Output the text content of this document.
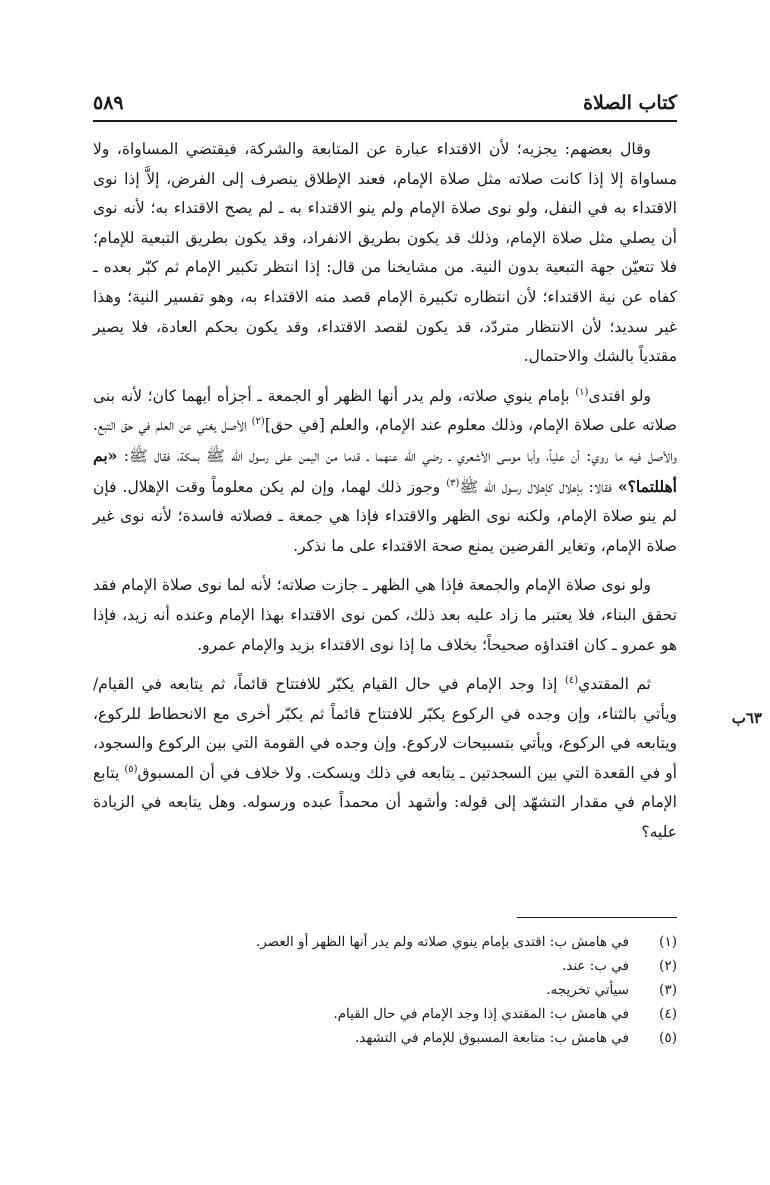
كتاب الصلاة
٥٨٩
٦٣ب

وقال بعضهم: يجزيه؛ لأن الاقتداء عبارة عن المتابعة والشركة، فيقتضي المساواة، ولا مساواة إلا إذا كانت صلاته مثل صلاة الإمام، فعند الإطلاق ينصرف إلى الفرض، إلاَّ إذا نوى الاقتداء به في النفل، ولو نوى صلاة الإمام ولم ينو الاقتداء به ـ لم يصح الاقتداء به؛ لأنه نوى أن يصلي مثل صلاة الإمام، وذلك قد يكون بطريق الانفراد، وقد يكون بطريق التبعية للإمام؛ فلا تتعيّن جهة التبعية بدون النية. من مشايخنا من قال: إذا انتظر تكبير الإمام ثم كبّر بعده ـ كفاه عن نية الاقتداء؛ لأن انتظاره تكبيرة الإمام قصد منه الاقتداء به، وهو تفسير النية؛ وهذا غير سديد؛ لأن الانتظار متردّد، قد يكون لقصد الاقتداء، وقد يكون بحكم العادة، فلا يصير مقتدياً بالشك والاحتمال.

ولو اقتدى$^{(١)}$ بإمام ينوي صلاته، ولم يدر أنها الظهر أو الجمعة ـ أجزأه أيهما كان؛ لأنه بنى صلاته على صلاة الإمام، وذلك معلوم عند الإمام، والعلم [في حق]$^{(٢)}$ الأصل يغني عن العلم في حق التبع. والأصل فيه ما روي: أن علياً، وأبا موسى الأشعري ـ رضي الله عنهما ـ قدما من اليمن على رسول الله ﷺ بمكة، فقال ﷺ: «بم أهللتما؟» فقالا: بإهلال كإهلال رسول الله ﷺ$^{(٣)}$ وجوز ذلك لهما، وإن لم يكن معلوماً وقت الإهلال. فإن لم ينو صلاة الإمام، ولكنه نوى الظهر والاقتداء فإذا هي جمعة ـ فصلاته فاسدة؛ لأنه نوى غير صلاة الإمام، وتغاير الفرضين يمنع صحة الاقتداء على ما نذكر.

ولو نوى صلاة الإمام والجمعة فإذا هي الظهر ـ جازت صلاته؛ لأنه لما نوى صلاة الإمام فقد تحقق البناء، فلا يعتبر ما زاد عليه بعد ذلك، كمن نوى الاقتداء بهذا الإمام وعنده أنه زيد، فإذا هو عمرو ـ كان اقتداؤه صحيحاً؛ بخلاف ما إذا نوى الاقتداء بزيد والإمام عمرو.

ثم المقتدي$^{(٤)}$ إذا وجد الإمام في حال القيام يكبّر للافتتاح قائماً، ثم يتابعه في القيام/ ويأتي بالثناء، وإن وجده في الركوع يكبّر للافتتاح قائماً ثم يكبّر أخرى مع الانحطاط للركوع، ويتابعه في الركوع، ويأتي بتسبيحات لاركوع. وإن وجده في القومة التي بين الركوع والسجود، أو في القعدة التي بين السجدتين ـ يتابعه في ذلك ويسكت. ولا خلاف في أن المسبوق$^{(٥)}$ يتابع الإمام في مقدار التشهّد إلى قوله: وأشهد أن محمداً عبده ورسوله. وهل يتابعه في الزيادة عليه؟

(١)
في هامش ب: اقتدى بإمام ينوي صلاته ولم يدر أنها الظهر أو العصر.
(٢)
في ب: عند.
(٣)
سيأتي تخريجه.
(٤)
في هامش ب: المقتدي إذا وجد الإمام في حال القيام.
(٥)
في هامش ب: متابعة المسبوق للإمام في التشهد.
